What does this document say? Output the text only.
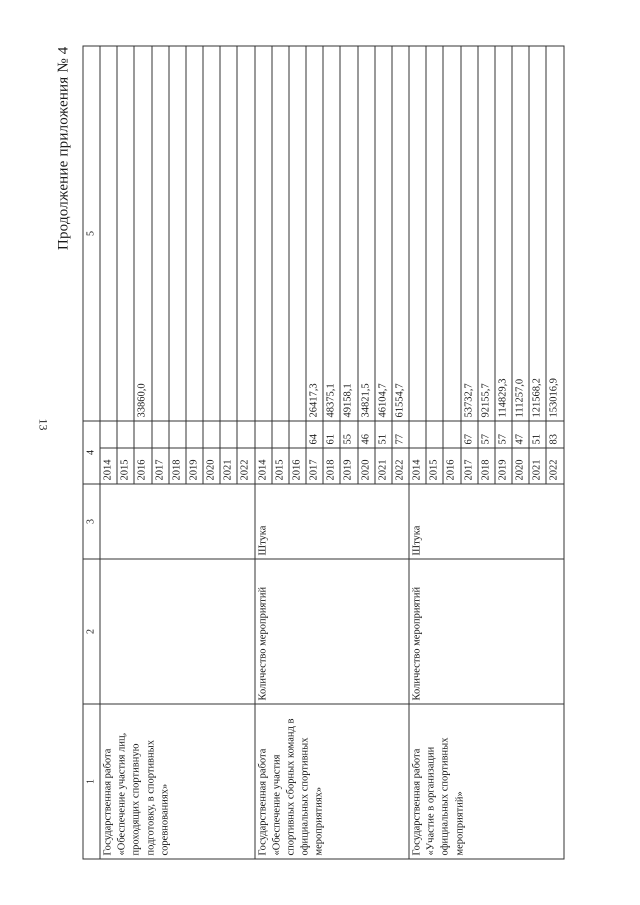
13
Продолжение приложения № 4
1	2	3	4		5
Государственная работа «Обеспечение участия лиц, проходящих спортивную подготовку, в спортивных соревнованиях»			2014		
			2015		
			2016		33860,0
			2017		
			2018		
			2019		
			2020		
			2021		
			2022		
Государственная работа «Обеспечение участия спортивных сборных команд в официальных спортивных мероприятиях»	Количество мероприятий	Штука	2014		
			2015		
			2016		
			2017	64	26417,3
			2018	61	48375,1
			2019	55	49158,1
			2020	46	34821,5
			2021	51	46104,7
			2022	77	61554,7
Государственная работа «Участие в организации официальных спортивных мероприятий»	Количество мероприятий	Штука	2014		
			2015		
			2016		
			2017	67	53732,7
			2018	57	92155,7
			2019	57	114829,3
			2020	47	111257,0
			2021	51	121568,2
			2022	83	153016,9
